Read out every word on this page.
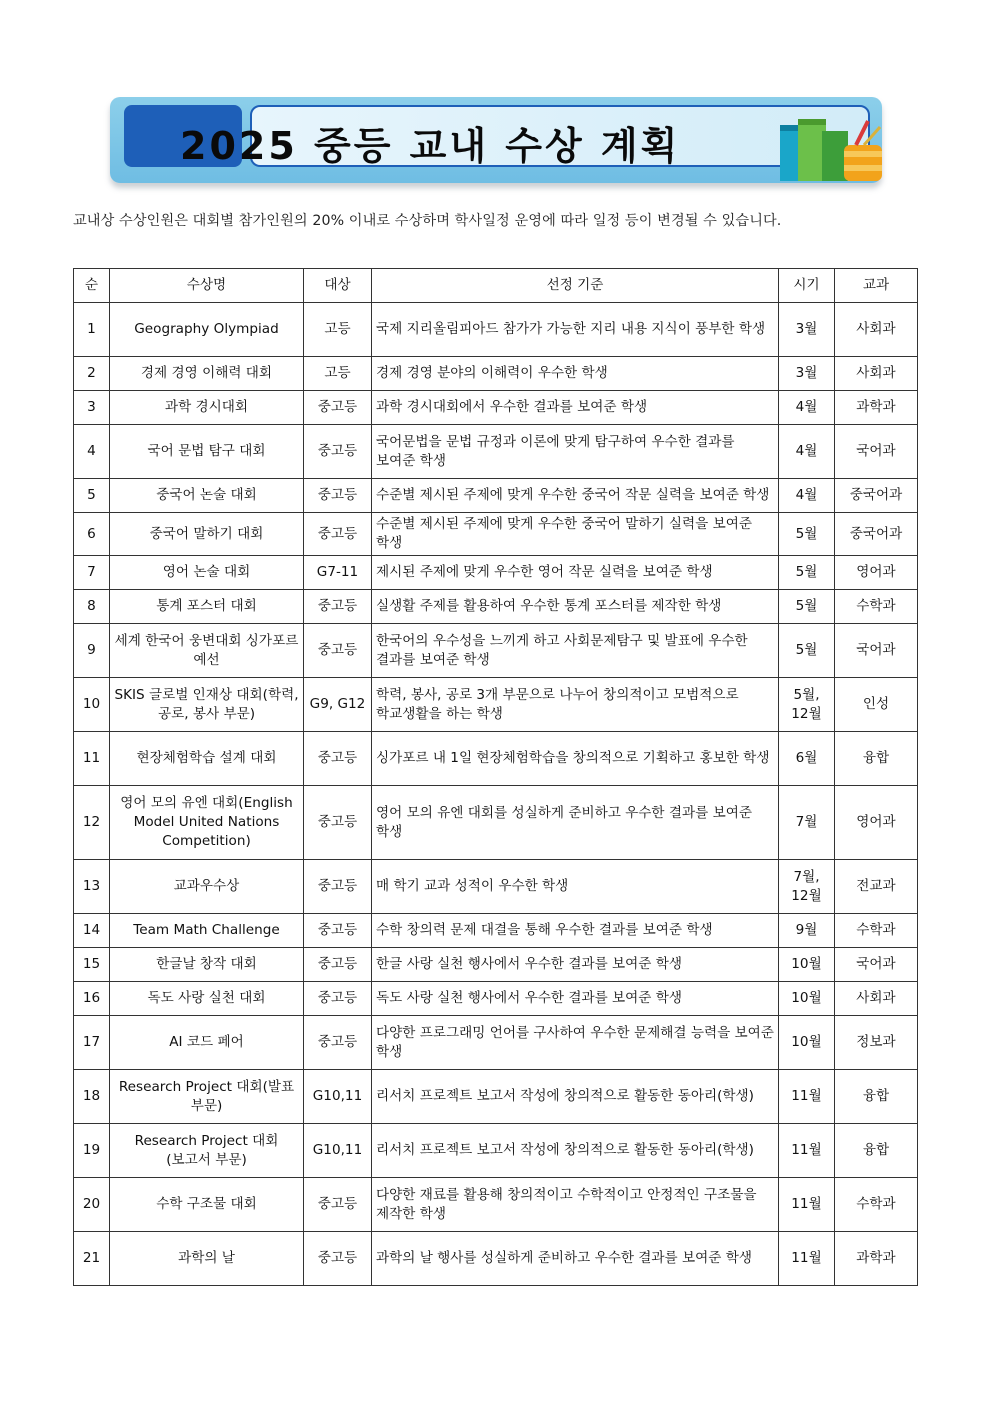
2025 중등 교내 수상 계획
교내상 수상인원은 대회별 참가인원의 20% 이내로 수상하며 학사일정 운영에 따라 일정 등이 변경될 수 있습니다.
순	수상명	대상	선정 기준	시기	교과
1	Geography Olympiad	고등	국제 지리올림피아드 참가가 가능한 지리 내용 지식이 풍부한 학생	3월	사회과
2	경제 경영 이해력 대회	고등	경제 경영 분야의 이해력이 우수한 학생	3월	사회과
3	과학 경시대회	중고등	과학 경시대회에서 우수한 결과를 보여준 학생	4월	과학과
4	국어 문법 탐구 대회	중고등	국어문법을 문법 규정과 이론에 맞게 탐구하여 우수한 결과를 보여준 학생	4월	국어과
5	중국어 논술 대회	중고등	수준별 제시된 주제에 맞게 우수한 중국어 작문 실력을 보여준 학생	4월	중국어과
6	중국어 말하기 대회	중고등	수준별 제시된 주제에 맞게 우수한 중국어 말하기 실력을 보여준 학생	5월	중국어과
7	영어 논술 대회	G7-11	제시된 주제에 맞게 우수한 영어 작문 실력을 보여준 학생	5월	영어과
8	통계 포스터 대회	중고등	실생활 주제를 활용하여 우수한 통계 포스터를 제작한 학생	5월	수학과
9	세계 한국어 웅변대회 싱가포르 예선	중고등	한국어의 우수성을 느끼게 하고 사회문제탐구 및 발표에 우수한 결과를 보여준 학생	5월	국어과
10	SKIS 글로벌 인재상 대회(학력, 공로, 봉사 부문)	G9, G12	학력, 봉사, 공로 3개 부문으로 나누어 창의적이고 모범적으로 학교생활을 하는 학생	5월, 12월	인성
11	현장체험학습 설계 대회	중고등	싱가포르 내 1일 현장체험학습을 창의적으로 기획하고 홍보한 학생	6월	융합
12	영어 모의 유엔 대회(English Model United Nations Competition)	중고등	영어 모의 유엔 대회를 성실하게 준비하고 우수한 결과를 보여준 학생	7월	영어과
13	교과우수상	중고등	매 학기 교과 성적이 우수한 학생	7월, 12월	전교과
14	Team Math Challenge	중고등	수학 창의력 문제 대결을 통해 우수한 결과를 보여준 학생	9월	수학과
15	한글날 창작 대회	중고등	한글 사랑 실천 행사에서 우수한 결과를 보여준 학생	10월	국어과
16	독도 사랑 실천 대회	중고등	독도 사랑 실천 행사에서 우수한 결과를 보여준 학생	10월	사회과
17	AI 코드 페어	중고등	다양한 프로그래밍 언어를 구사하여 우수한 문제해결 능력을 보여준 학생	10월	정보과
18	Research Project 대회(발표 부문)	G10,11	리서치 프로젝트 보고서 작성에 창의적으로 활동한 동아리(학생)	11월	융합
19	Research Project 대회(보고서 부문)	G10,11	리서치 프로젝트 보고서 작성에 창의적으로 활동한 동아리(학생)	11월	융합
20	수학 구조물 대회	중고등	다양한 재료를 활용해 창의적이고 수학적이고 안정적인 구조물을 제작한 학생	11월	수학과
21	과학의 날	중고등	과학의 날 행사를 성실하게 준비하고 우수한 결과를 보여준 학생	11월	과학과
